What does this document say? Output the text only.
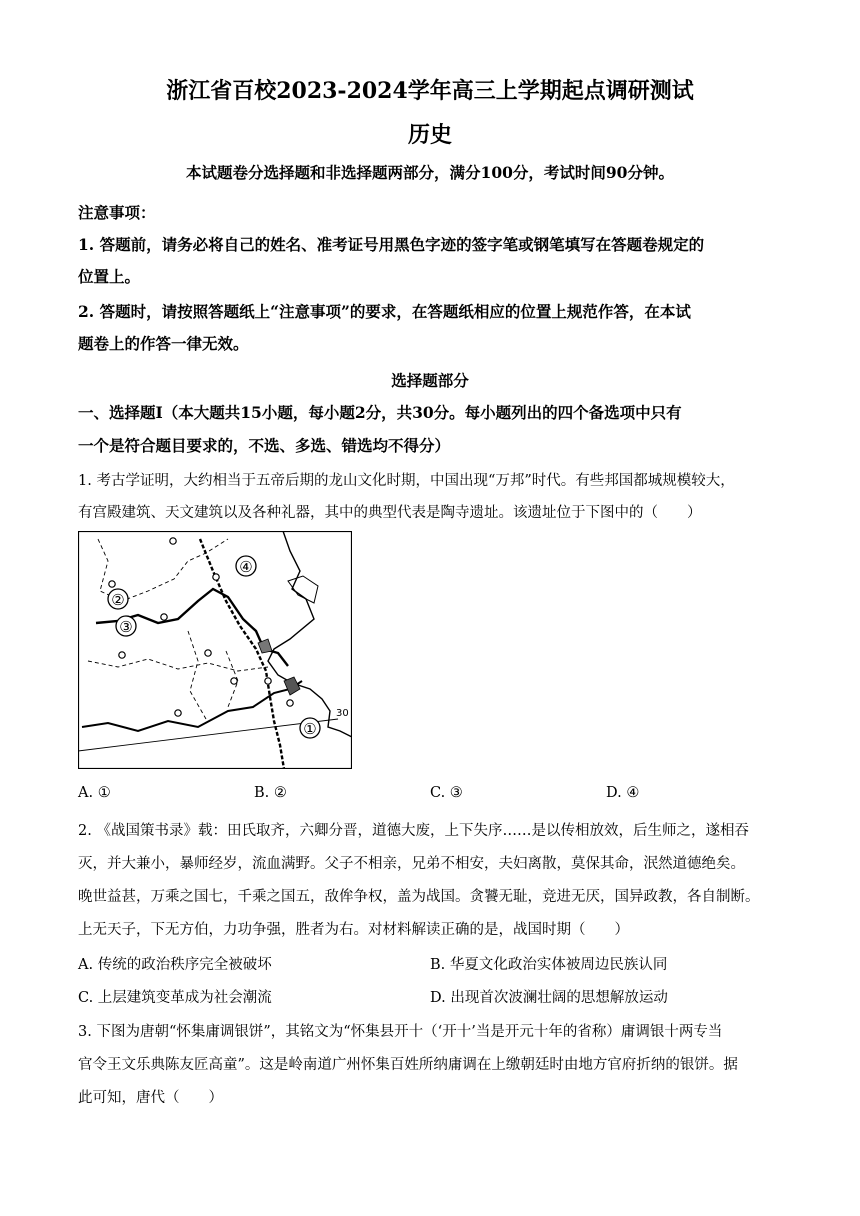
浙江省百校2023-2024学年高三上学期起点调研测试
历史
本试题卷分选择题和非选择题两部分，满分100分，考试时间90分钟。
注意事项：
1. 答题前，请务必将自己的姓名、准考证号用黑色字迹的签字笔或钢笔填写在答题卷规定的
位置上。
2. 答题时，请按照答题纸上“注意事项”的要求，在答题纸相应的位置上规范作答，在本试
题卷上的作答一律无效。
选择题部分
一、选择题Ⅰ（本大题共15小题，每小题2分，共30分。每小题列出的四个备选项中只有
一个是符合题目要求的，不选、多选、错选均不得分）
1. 考古学证明，大约相当于五帝后期的龙山文化时期，中国出现“万邦”时代。有些邦国都城规模较大，
有宫殿建筑、天文建筑以及各种礼器，其中的典型代表是陶寺遗址。该遗址位于下图中的（　　）
④
②
③
①
30
A. ①	B. ②	C. ③	D. ④
2. 《战国策书录》载：田氏取齐，六卿分晋，道德大废，上下失序……是以传相放效，后生师之，遂相吞
灭，并大兼小，暴师经岁，流血满野。父子不相亲，兄弟不相安，夫妇离散，莫保其命，泯然道德绝矣。
晚世益甚，万乘之国七，千乘之国五，敌侔争权，盖为战国。贪饕无耻，竞进无厌，国异政教，各自制断。
上无天子，下无方伯，力功争强，胜者为右。对材料解读正确的是，战国时期（　　）
A. 传统的政治秩序完全被破坏	B. 华夏文化政治实体被周边民族认同
C. 上层建筑变革成为社会潮流	D. 出现首次波澜壮阔的思想解放运动
3. 下图为唐朝“怀集庸调银饼”，其铭文为“怀集县开十（‘开十’当是开元十年的省称）庸调银十两专当
官令王文乐典陈友匠高童”。这是岭南道广州怀集百姓所纳庸调在上缴朝廷时由地方官府折纳的银饼。据
此可知，唐代（　　）
